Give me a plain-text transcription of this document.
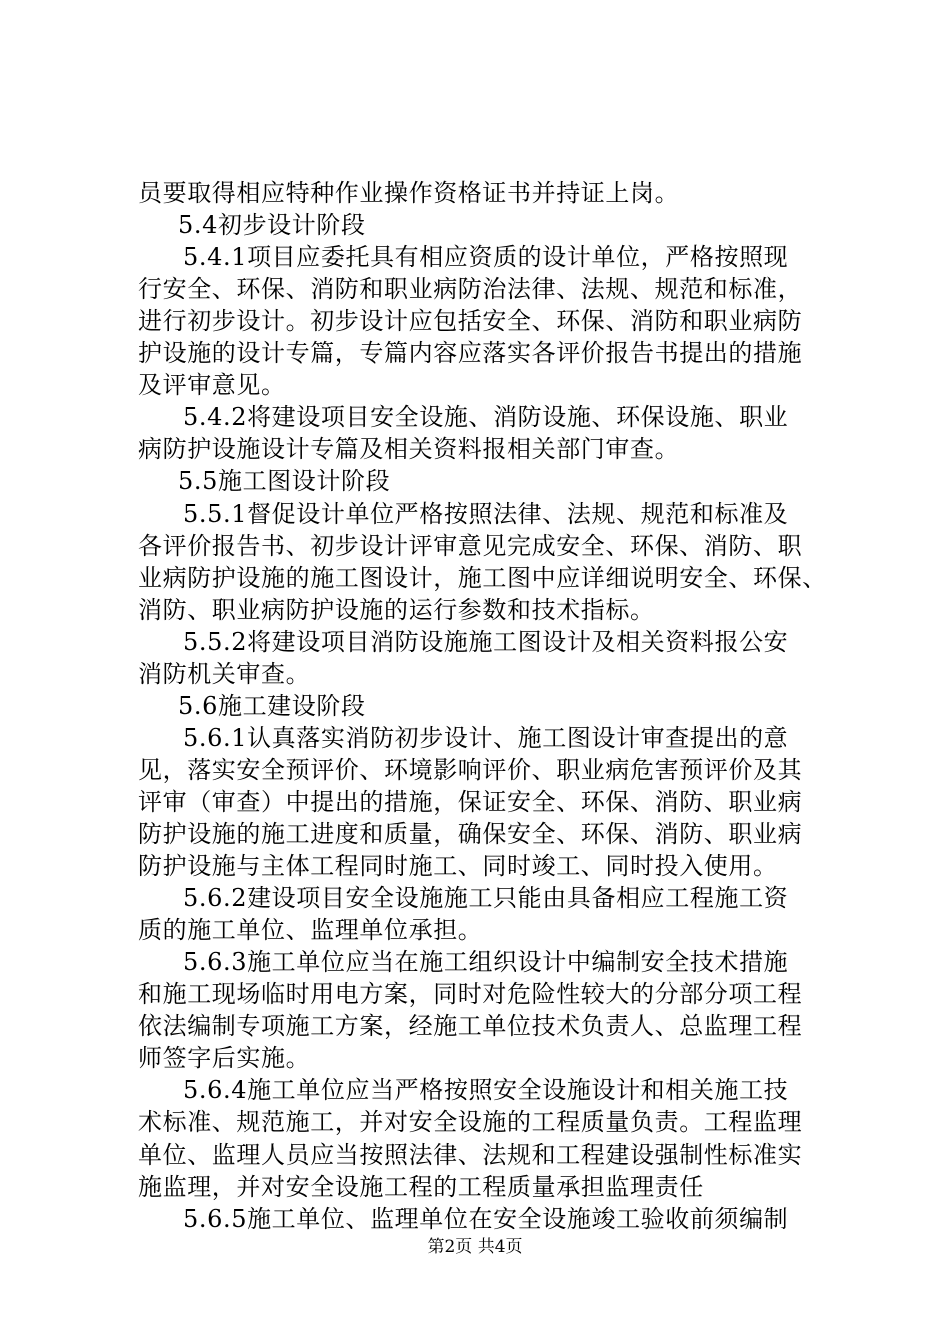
员要取得相应特种作业操作资格证书并持证上岗。
5.4初步设计阶段
5.4.1项目应委托具有相应资质的设计单位，严格按照现
行安全、环保、消防和职业病防治法律、法规、规范和标准，
进行初步设计。初步设计应包括安全、环保、消防和职业病防
护设施的设计专篇，专篇内容应落实各评价报告书提出的措施
及评审意见。
5.4.2将建设项目安全设施、消防设施、环保设施、职业
病防护设施设计专篇及相关资料报相关部门审查。
5.5施工图设计阶段
5.5.1督促设计单位严格按照法律、法规、规范和标准及
各评价报告书、初步设计评审意见完成安全、环保、消防、职
业病防护设施的施工图设计，施工图中应详细说明安全、环保、
消防、职业病防护设施的运行参数和技术指标。
5.5.2将建设项目消防设施施工图设计及相关资料报公安
消防机关审查。
5.6施工建设阶段
5.6.1认真落实消防初步设计、施工图设计审查提出的意
见，落实安全预评价、环境影响评价、职业病危害预评价及其
评审（审查）中提出的措施，保证安全、环保、消防、职业病
防护设施的施工进度和质量，确保安全、环保、消防、职业病
防护设施与主体工程同时施工、同时竣工、同时投入使用。
5.6.2建设项目安全设施施工只能由具备相应工程施工资
质的施工单位、监理单位承担。
5.6.3施工单位应当在施工组织设计中编制安全技术措施
和施工现场临时用电方案，同时对危险性较大的分部分项工程
依法编制专项施工方案，经施工单位技术负责人、总监理工程
师签字后实施。
5.6.4施工单位应当严格按照安全设施设计和相关施工技
术标准、规范施工，并对安全设施的工程质量负责。工程监理
单位、监理人员应当按照法律、法规和工程建设强制性标准实
施监理，并对安全设施工程的工程质量承担监理责任
5.6.5施工单位、监理单位在安全设施竣工验收前须编制
第2页 共4页
